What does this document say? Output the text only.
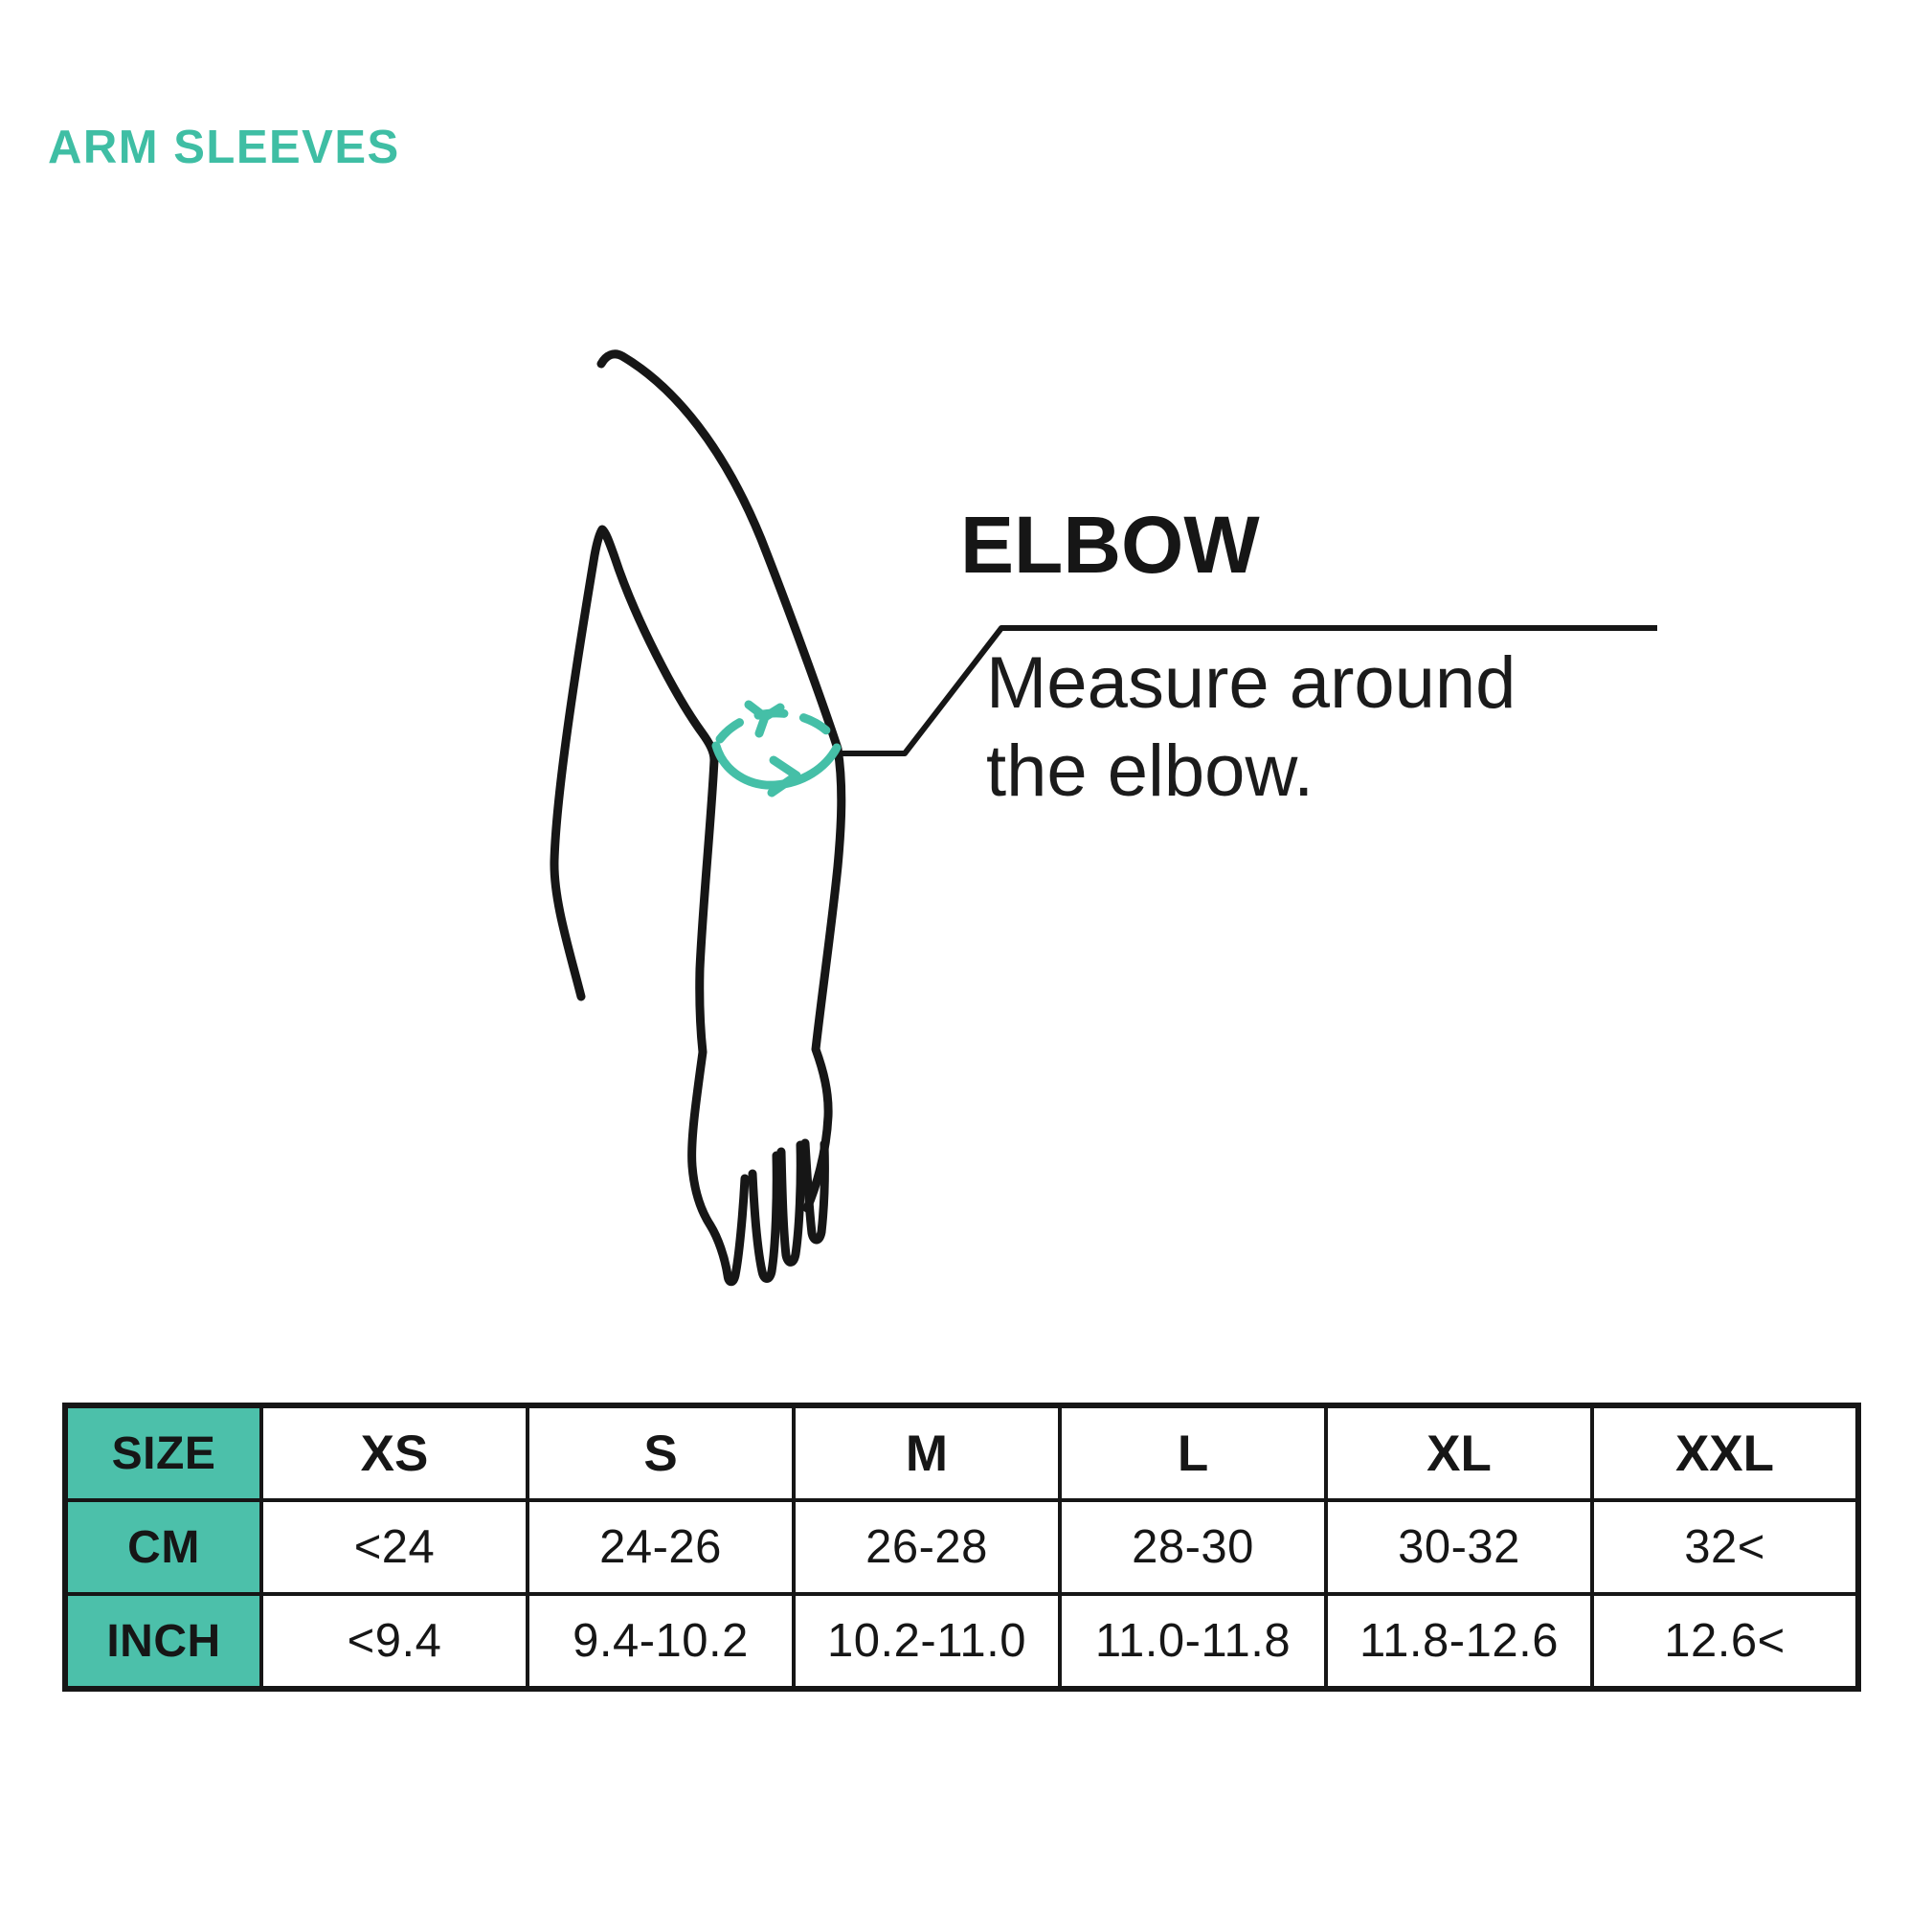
ARM SLEEVES
ELBOW
Measure around
the elbow.
SIZE	XS	S	M	L	XL	XXL
CM	<24	24-26	26-28	28-30	30-32	32<
INCH	<9.4	9.4-10.2	10.2-11.0	11.0-11.8	11.8-12.6	12.6<
